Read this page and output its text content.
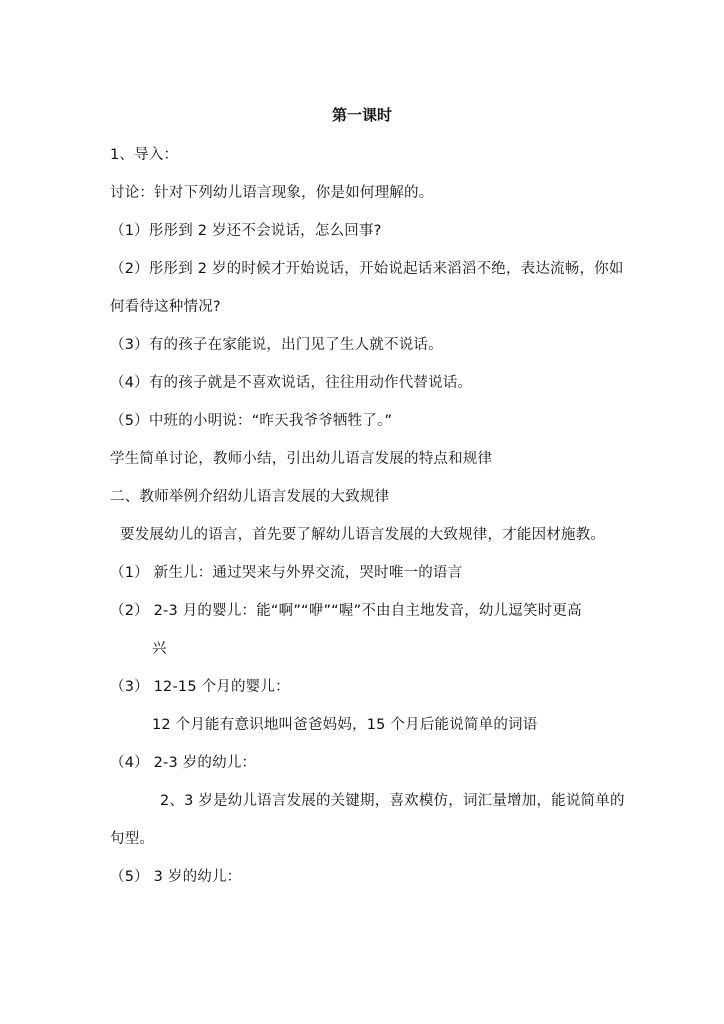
第一课时
1、导入：
讨论：针对下列幼儿语言现象，你是如何理解的。
（1）彤彤到 2 岁还不会说话，怎么回事?
（2）彤彤到 2 岁的时候才开始说话，开始说起话来滔滔不绝，表达流畅，你如
何看待这种情况?
（3）有的孩子在家能说，出门见了生人就不说话。
（4）有的孩子就是不喜欢说话，往往用动作代替说话。
（5）中班的小明说：“昨天我爷爷牺牲了。”
学生简单讨论，教师小结，引出幼儿语言发展的特点和规律
二、教师举例介绍幼儿语言发展的大致规律
要发展幼儿的语言，首先要了解幼儿语言发展的大致规律，才能因材施教。
（1） 新生儿：通过哭来与外界交流，哭时唯一的语言
（2） 2-3 月的婴儿：能“啊”“咿”“喔”不由自主地发音，幼儿逗笑时更高
兴
（3） 12-15 个月的婴儿：
12 个月能有意识地叫爸爸妈妈，15 个月后能说简单的词语
（4） 2-3 岁的幼儿：
2、3 岁是幼儿语言发展的关键期，喜欢模仿，词汇量增加，能说简单的
句型。
（5） 3 岁的幼儿：
